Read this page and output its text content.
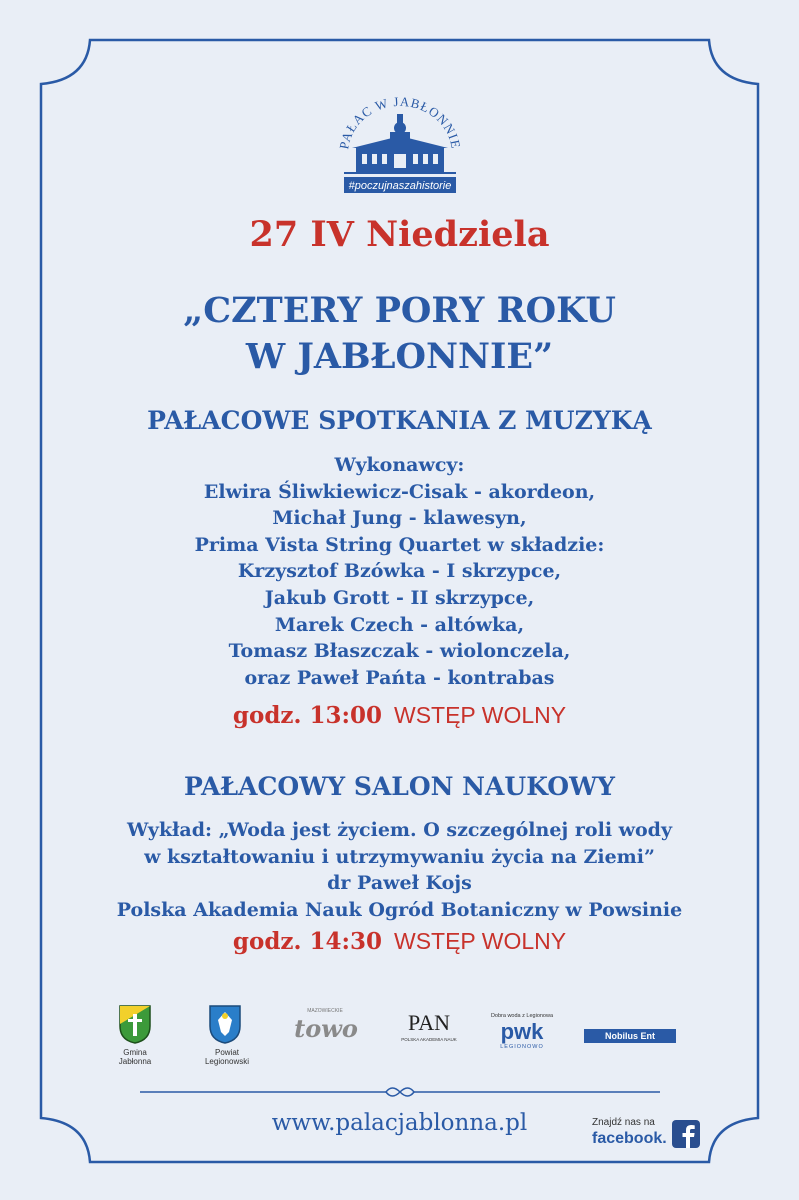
PAŁAC W JABŁONNIE
#poczujnaszahistorie
27 IV Niedziela
„CZTERY PORY ROKU
W JABŁONNIE”
PAŁACOWE SPOTKANIA Z MUZYKĄ
Wykonawcy:
Elwira Śliwkiewicz-Cisak - akordeon,
Michał Jung - klawesyn,
Prima Vista String Quartet w składzie:
Krzysztof Bzówka - I skrzypce,
Jakub Grott - II skrzypce,
Marek Czech - altówka,
Tomasz Błaszczak - wiolonczela,
oraz Paweł Pańta - kontrabas
godz. 13:00 WSTĘP WOLNY
PAŁACOWY SALON NAUKOWY
Wykład: „Woda jest życiem. O szczególnej roli wody
w kształtowaniu i utrzymywaniu życia na Ziemi”
dr Paweł Kojs
Polska Akademia Nauk Ogród Botaniczny w Powsinie
godz. 14:30 WSTĘP WOLNY
Gmina
Jabłonna
Powiat
Legionowski
MAZOWIECKIE
towo	PAN
POLSKA AKADEMIA NAUK
Dobra woda z Legionowa
pwk
LEGIONOWO
Nobilus Ent
www.palacjablonna.pl	Znajdź nas na
facebook.
